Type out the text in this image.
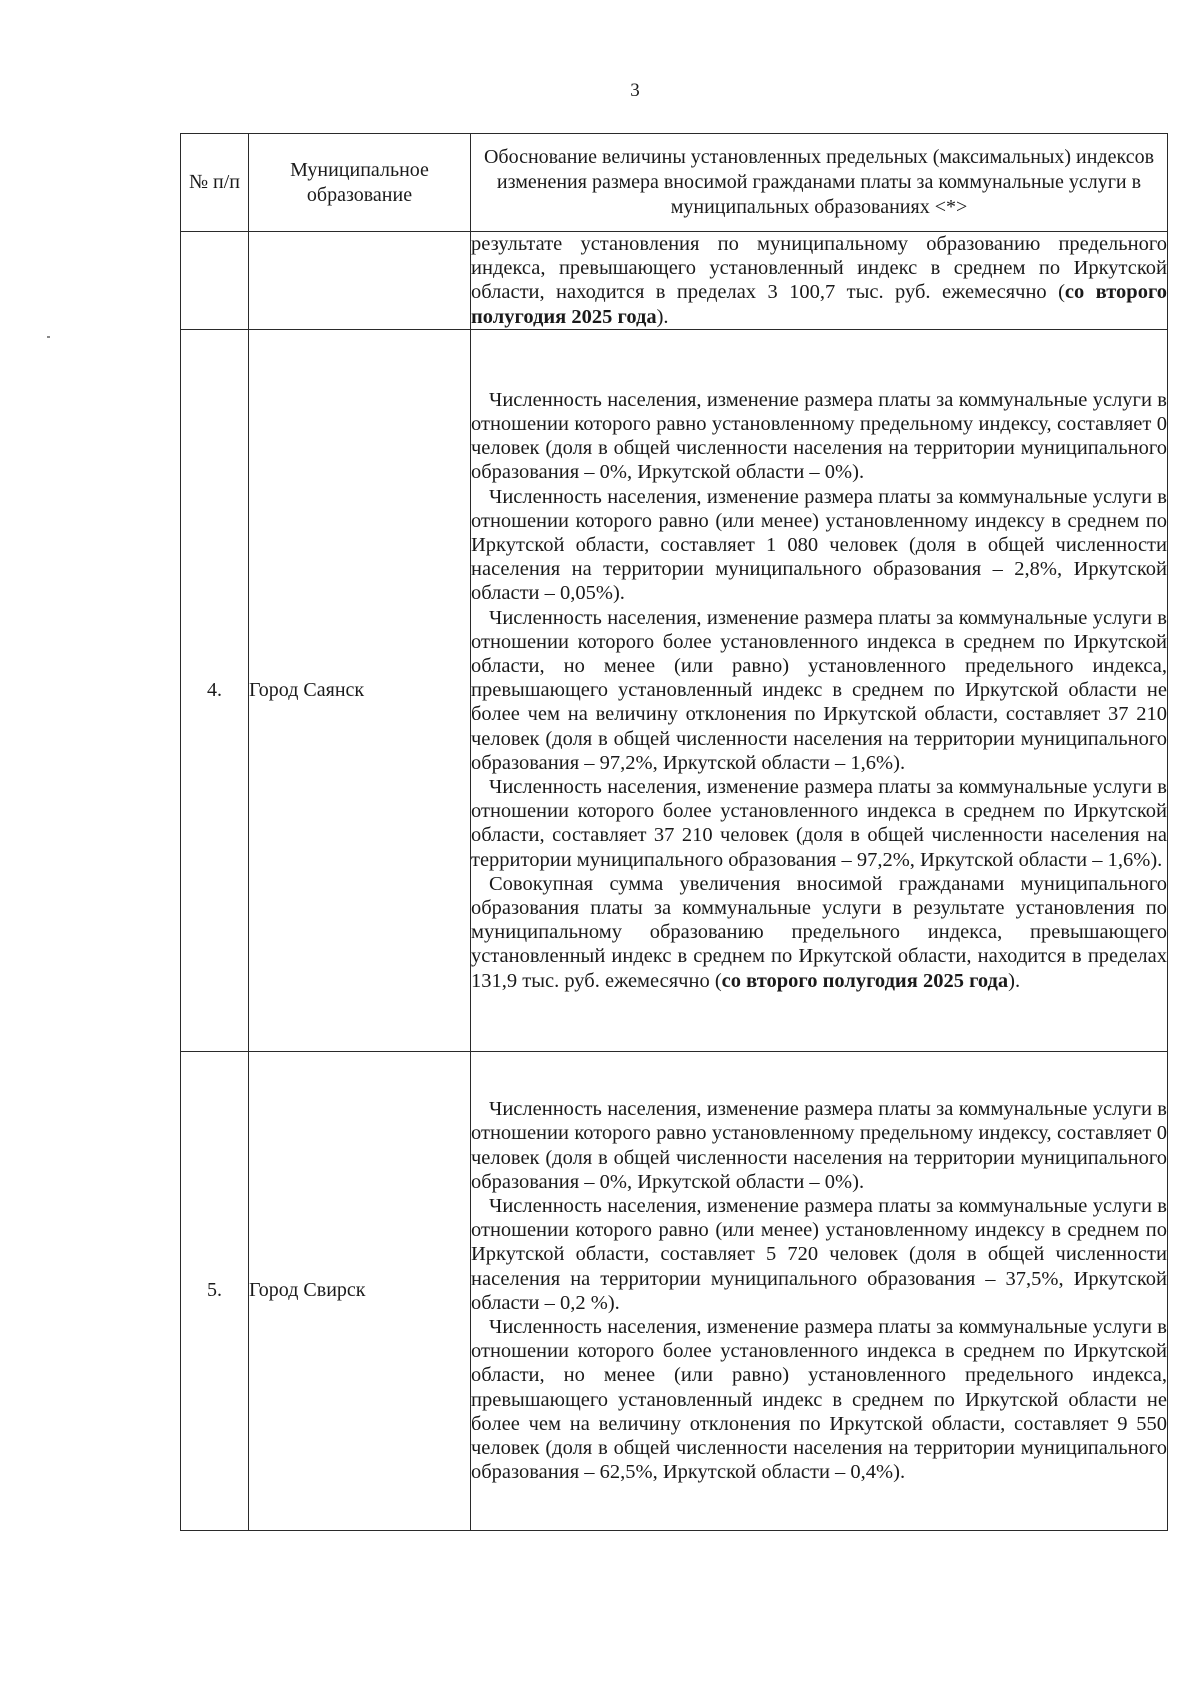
3
№ п/п	Муниципальное образование	Обоснование величины установленных предельных (максимальных) индексов изменения размера вносимой гражданами платы за коммунальные услуги в муниципальных образованиях <*>

		результате установления по муниципальному образованию предельного индекса, превышающего установленный индекс в среднем по Иркутской области, находится в пределах 3 100,7 тыс. руб. ежемесячно (со второго полугодия 2025 года).

4.	Город Саянск	Численность населения, изменение размера платы за коммунальные услуги в отношении которого равно установленному предельному индексу, составляет 0 человек (доля в общей численности населения на территории муниципального образования – 0%, Иркутской области – 0%).

Численность населения, изменение размера платы за коммунальные услуги в отношении которого равно (или менее) установленному индексу в среднем по Иркутской области, составляет 1 080 человек (доля в общей численности населения на территории муниципального образования – 2,8%, Иркутской области – 0,05%).

Численность населения, изменение размера платы за коммунальные услуги в отношении которого более установленного индекса в среднем по Иркутской области, но менее (или равно) установленного предельного индекса, превышающего установленный индекс в среднем по Иркутской области не более чем на величину отклонения по Иркутской области, составляет 37 210 человек (доля в общей численности населения на территории муниципального образования – 97,2%, Иркутской области – 1,6%).

Численность населения, изменение размера платы за коммунальные услуги в отношении которого более установленного индекса в среднем по Иркутской области, составляет 37 210 человек (доля в общей численности населения на территории муниципального образования – 97,2%, Иркутской области – 1,6%).

Совокупная сумма увеличения вносимой гражданами муниципального образования платы за коммунальные услуги в результате установления по муниципальному образованию предельного индекса, превышающего установленный индекс в среднем по Иркутской области, находится в пределах 131,9 тыс. руб. ежемесячно (со второго полугодия 2025 года).

5.	Город Свирск	Численность населения, изменение размера платы за коммунальные услуги в отношении которого равно установленному предельному индексу, составляет 0 человек (доля в общей численности населения на территории муниципального образования – 0%, Иркутской области – 0%).

Численность населения, изменение размера платы за коммунальные услуги в отношении которого равно (или менее) установленному индексу в среднем по Иркутской области, составляет 5 720 человек (доля в общей численности населения на территории муниципального образования – 37,5%, Иркутской области – 0,2 %).

Численность населения, изменение размера платы за коммунальные услуги в отношении которого более установленного индекса в среднем по Иркутской области, но менее (или равно) установленного предельного индекса, превышающего установленный индекс в среднем по Иркутской области не более чем на величину отклонения по Иркутской области, составляет 9 550 человек (доля в общей численности населения на территории муниципального образования – 62,5%, Иркутской области – 0,4%).
